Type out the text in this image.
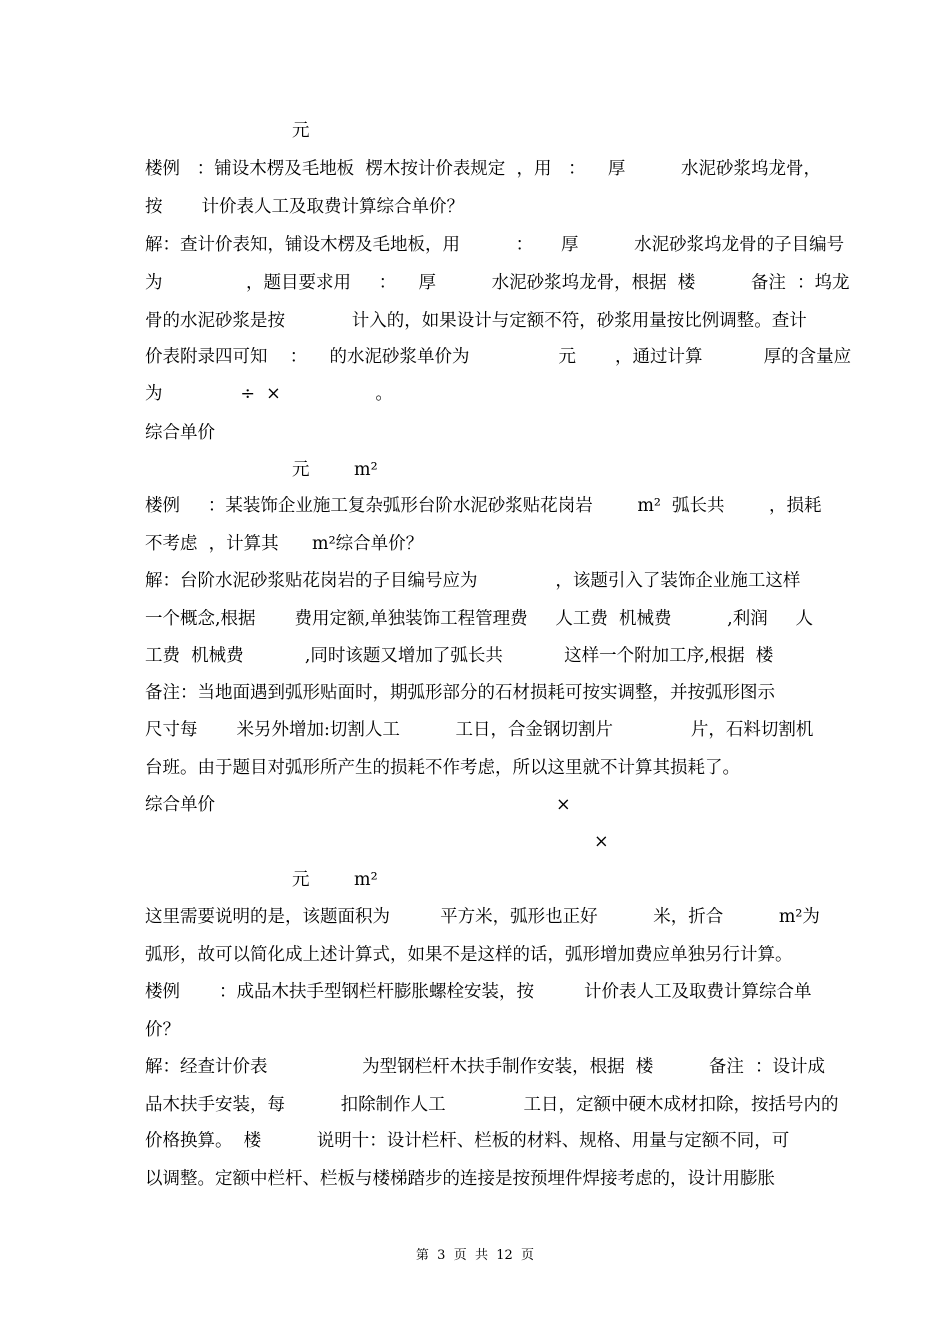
元
楼例   ：铺设木楞及毛地板  楞木按计价表规定  ，用   ：    厚          水泥砂浆坞龙骨，
按       计价表人工及取费计算综合单价？
解：查计价表知，铺设木楞及毛地板，用          ：     厚          水泥砂浆坞龙骨的子目编号
为               ，题目要求用     ：    厚          水泥砂浆坞龙骨，根据  楼          备注  ：坞龙
骨的水泥砂浆是按            计入的，如果设计与定额不符，砂浆用量按比例调整。查计
价表附录四可知    ：    的水泥砂浆单价为                元       ，通过计算           厚的含量应
为              ÷  ×                 。
综合单价
元        m²
楼例     ：某装饰企业施工复杂弧形台阶水泥砂浆贴花岗岩        m²  弧长共        ，损耗
不考虑  ，计算其      m²综合单价？
解：台阶水泥砂浆贴花岗岩的子目编号应为              ，该题引入了装饰企业施工这样
一个概念,根据       费用定额,单独装饰工程管理费     人工费  机械费          ,利润     人
工费  机械费           ,同时该题又增加了弧长共           这样一个附加工序,根据  楼
备注：当地面遇到弧形贴面时，期弧形部分的石材损耗可按实调整，并按弧形图示
尺寸每       米另外增加:切割人工          工日，合金钢切割片              片，石料切割机
台班。由于题目对弧形所产生的损耗不作考虑，所以这里就不计算其损耗了。
综合单价	×
×
元        m²
这里需要说明的是，该题面积为         平方米，弧形也正好          米，折合          m²为
弧形，故可以简化成上述计算式，如果不是这样的话，弧形增加费应单独另行计算。
楼例       ：成品木扶手型钢栏杆膨胀螺栓安装，按         计价表人工及取费计算综合单
价？
解：经查计价表                 为型钢栏杆木扶手制作安装，根据  楼          备注  ：设计成
品木扶手安装，每          扣除制作人工              工日，定额中硬木成材扣除，按括号内的
价格换算。  楼          说明十：设计栏杆、栏板的材料、规格、用量与定额不同，可
以调整。定额中栏杆、栏板与楼梯踏步的连接是按预埋件焊接考虑的，设计用膨胀
第  3  页  共  12  页
